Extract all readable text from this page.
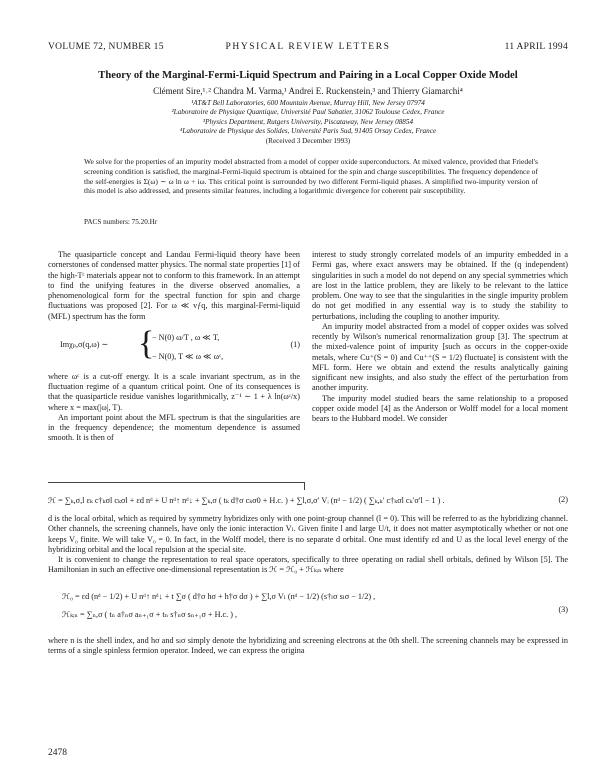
VOLUME 72, NUMBER 15	PHYSICAL REVIEW LETTERS	11 APRIL 1994
Theory of the Marginal-Fermi-Liquid Spectrum and Pairing in a Local Copper Oxide Model
Clément Sire,¹˒² Chandra M. Varma,¹ Andrei E. Ruckenstein,³ and Thierry Giamarchi⁴
¹AT&T Bell Laboratories, 600 Mountain Avenue, Murray Hill, New Jersey 07974
²Laboratoire de Physique Quantique, Université Paul Sabatier, 31062 Toulouse Cedex, France
³Physics Department, Rutgers University, Piscataway, New Jersey 08854
⁴Laboratoire de Physique des Solides, Université Paris Sud, 91405 Orsay Cedex, France
(Received 3 December 1993)

We solve for the properties of an impurity model abstracted from a model of copper oxide superconductors. At mixed valence, provided that Friedel's screening condition is satisfied, the marginal-Fermi-liquid spectrum is obtained for the spin and charge susceptibilities. The frequency dependence of the self-energies is Σ(ω) ∼ ω ln ω + iω. This critical point is surrounded by two different Fermi-liquid phases. A simplified two-impurity version of this model is also addressed, and presents similar features, including a logarithmic divergence for coherent pair susceptibility.

PACS numbers: 75.20.Hr

The quasiparticle concept and Landau Fermi-liquid theory have been cornerstones of condensed matter physics. The normal state properties [1] of the high-Tᶜ materials appear not to conform to this framework. In an attempt to find the unifying features in the diverse observed anomalies, a phenomenological form for the spectral function for spin and charge fluctuations was proposed [2]. For ω ≪ vƒq, this marginal-Fermi-liquid (MFL) spectrum has the form

Imχₚ,σ(q,ω) ∼ {
− N(0) ω/T , ω ≪ T,
− N(0), T ≪ ω ≪ ωᶜ,
(1)

where ωᶜ is a cut-off energy. It is a scale invariant spectrum, as in the fluctuation regime of a quantum critical point. One of its consequences is that the quasiparticle residue vanishes logarithmically, z⁻¹ ∼ 1 + λ ln(ωᶜ/x) where x = max(|ω|, T).

An important point about the MFL spectrum is that the singularities are in the frequency dependence; the momentum dependence is assumed smooth. It is then of

interest to study strongly correlated models of an impurity embedded in a Fermi gas, where exact answers may be obtained. If the (q independent) singularities in such a model do not depend on any special symmetries which are lost in the lattice problem, they are likely to be relevant to the lattice problem. One way to see that the singularities in the single impurity problem do not get modified in any essential way is to study the stability to perturbations, including the coupling to another impurity.

An impurity model abstracted from a model of copper oxides was solved recently by Wilson's numerical renormalization group [3]. The spectrum at the mixed-valence point of impurity [such as occurs in the copper-oxide metals, where Cu⁺(S = 0) and Cu⁺⁺(S = 1/2) fluctuate] is consistent with the MFL form. Here we obtain and extend the results analytically gaining significant new insights, and also study the effect of the perturbation from another impurity.

The impurity model studied bears the same relationship to a proposed copper oxide model [4] as the Anderson or Wolff model for a local moment bears to the Hubbard model. We consider

ℋ = ∑ₖ,σ,l εₖ c†ₖσl cₖσl + εd nᵈ + U nᵈ↑ nᵈ↓ + ∑ₖ,σ ( tₖ d†σ cₖσ0 + H.c. ) + ∑l,σ,σ′ Vᵢ (nᵈ − 1/2) ( ∑ₖ,ₖ′ c†ₖσl cₖ′σ′l − 1 ) .	(2)

d is the local orbital, which as required by symmetry hybridizes only with one point-group channel (l = 0). This will be referred to as the hybridizing channel. Other channels, the screening channels, have only the ionic interaction Vₗ. Given finite l and large U/t, it does not matter asymptotically whether or not one keeps V₀ finite. We will take V₀ = 0. In fact, in the Wolff model, there is no separate d orbital. One must identify εd and U as the local level energy of the hybridizing orbital and the local repulsion at the special site.

It is convenient to change the representation to real space operators, specifically to three operating on radial shell orbitals, defined by Wilson [5]. The Hamiltonian in such an effective one-dimensional representation is ℋ = ℋ₀ + ℋₖᵢₙ where

ℋ₀ = εd (nᵈ − 1/2) + U nᵈ↑ nᵈ↓ + t ∑σ ( d†σ hσ + h†σ dσ ) + ∑l,σ Vₗ (nᵈ − 1/2) (s†ₗσ sₗσ − 1/2) ,
ℋₖᵢₙ = ∑ₙ,σ ( tₙ a†ₙσ aₙ₊₁σ + tₙ s†ₙσ sₙ₊₁σ + H.c. ) ,
(3)

where n is the shell index, and hσ and sₗσ simply denote the hybridizing and screening electrons at the 0th shell. The screening channels may be expressed in terms of a single spinless fermion operator. Indeed, we can express the origina

2478
